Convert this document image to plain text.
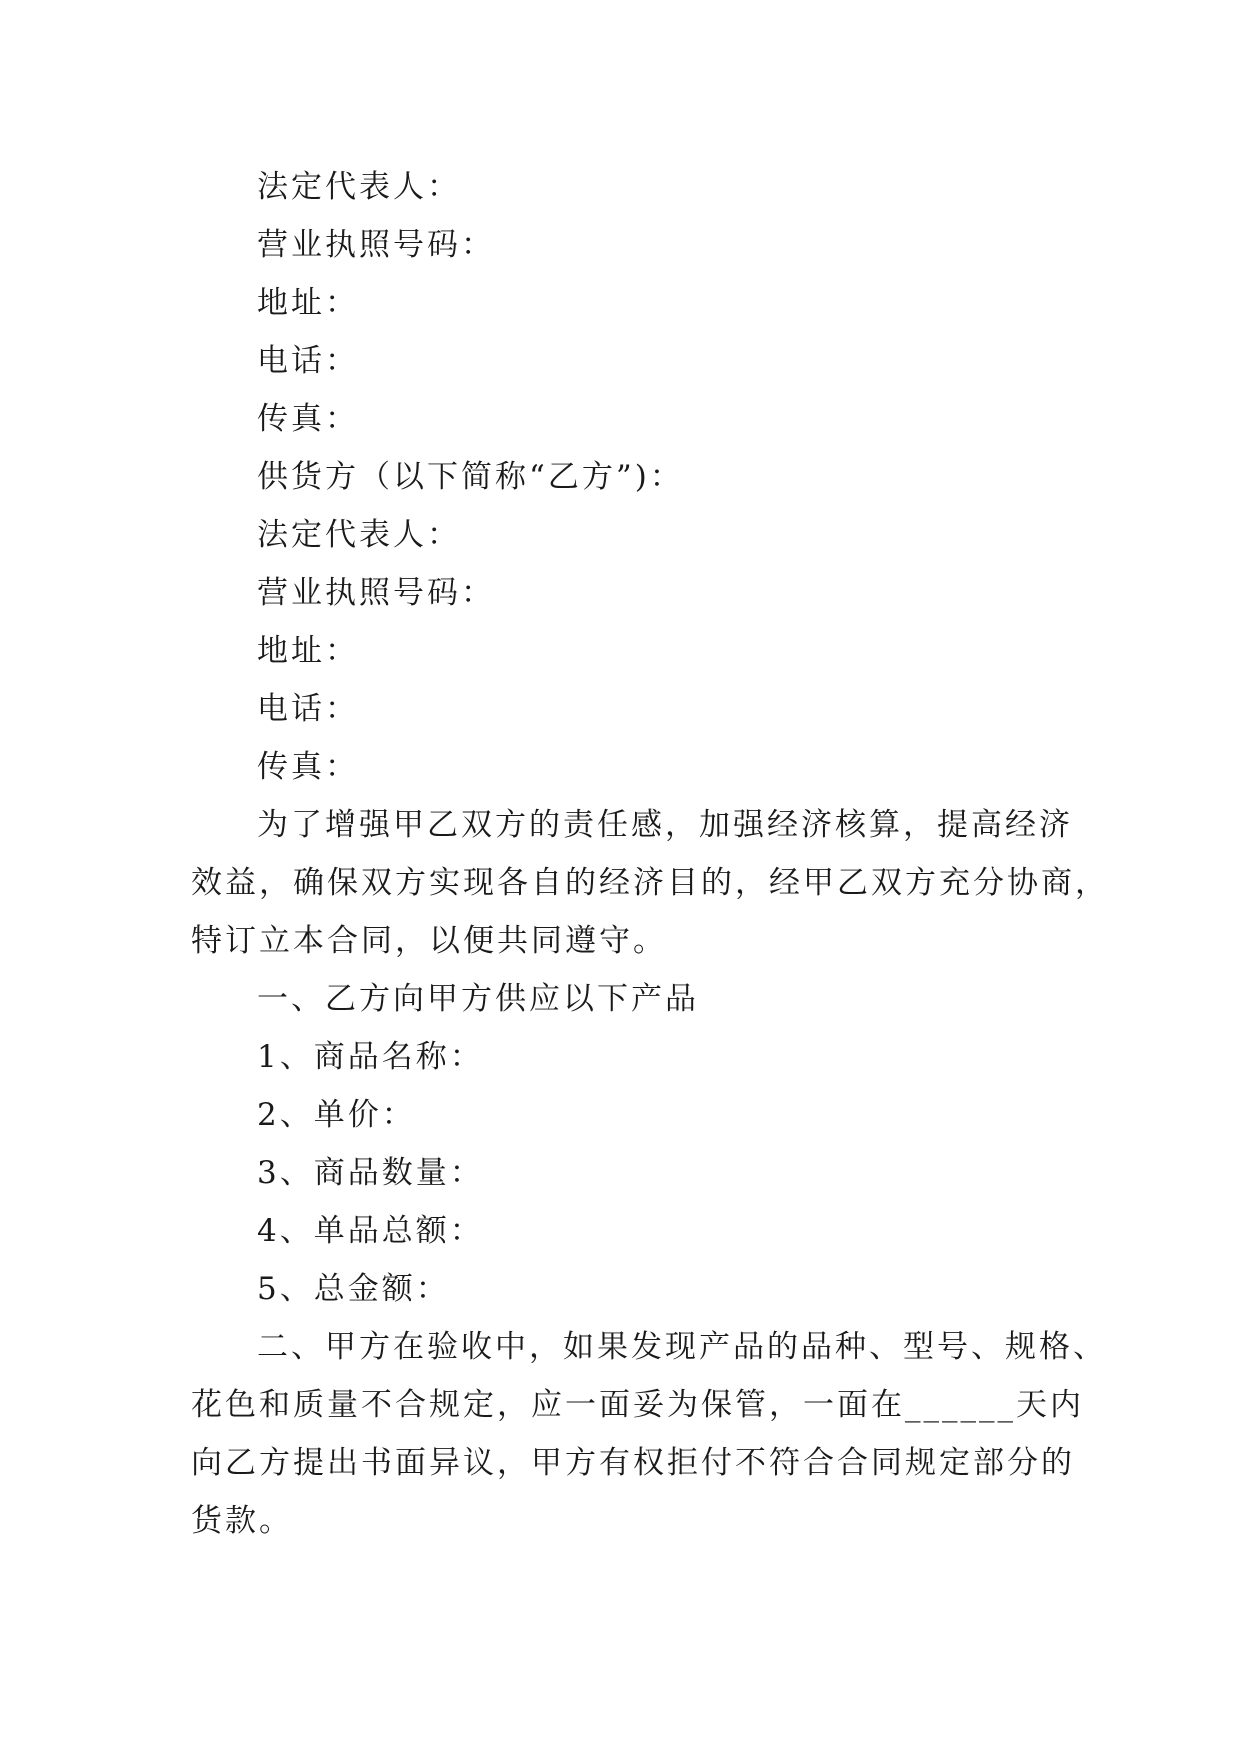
法定代表人：

营业执照号码：

地址：

电话：

传真：

供货方（以下简称“乙方”)：

法定代表人：

营业执照号码：

地址：

电话：

传真：

为了增强甲乙双方的责任感，加强经济核算，提高经济
效益，确保双方实现各自的经济目的，经甲乙双方充分协商，
特订立本合同，以便共同遵守。

一、乙方向甲方供应以下产品

1、商品名称：

2、单价：

3、商品数量：

4、单品总额：

5、总金额：

二、甲方在验收中，如果发现产品的品种、型号、规格、
花色和质量不合规定，应一面妥为保管，一面在______天内
向乙方提出书面异议，甲方有权拒付不符合合同规定部分的
货款。
